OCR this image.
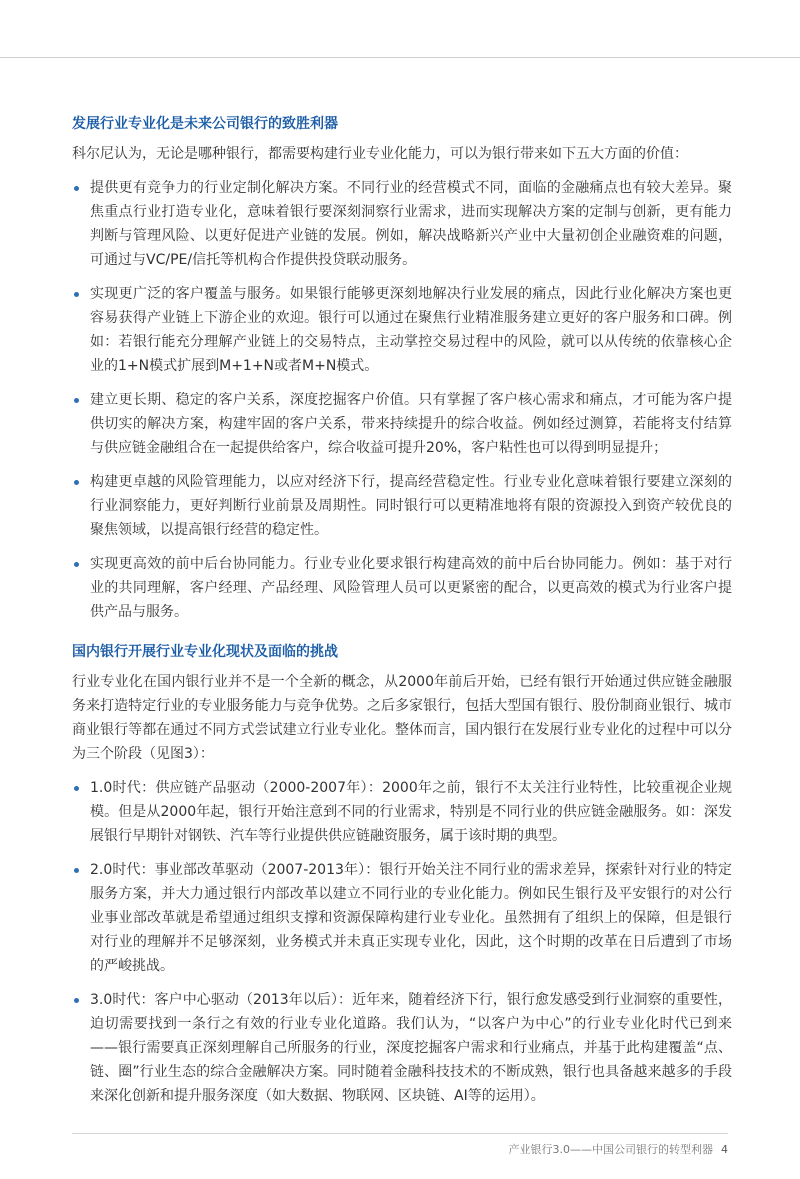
发展行业专业化是未来公司银行的致胜利器

科尔尼认为，无论是哪种银行，都需要构建行业专业化能力，可以为银行带来如下五大方面的价值：

提供更有竞争力的行业定制化解决方案。不同行业的经营模式不同，面临的金融痛点也有较大差异。聚焦重点行业打造专业化，意味着银行要深刻洞察行业需求，进而实现解决方案的定制与创新，更有能力判断与管理风险、以更好促进产业链的发展。例如，解决战略新兴产业中大量初创企业融资难的问题，可通过与VC/PE/信托等机构合作提供投贷联动服务。
实现更广泛的客户覆盖与服务。如果银行能够更深刻地解决行业发展的痛点，因此行业化解决方案也更容易获得产业链上下游企业的欢迎。银行可以通过在聚焦行业精准服务建立更好的客户服务和口碑。例如：若银行能充分理解产业链上的交易特点，主动掌控交易过程中的风险，就可以从传统的依靠核心企业的1+N模式扩展到M+1+N或者M+N模式。
建立更长期、稳定的客户关系，深度挖掘客户价值。只有掌握了客户核心需求和痛点，才可能为客户提供切实的解决方案，构建牢固的客户关系，带来持续提升的综合收益。例如经过测算，若能将支付结算与供应链金融组合在一起提供给客户，综合收益可提升20%，客户粘性也可以得到明显提升；
构建更卓越的风险管理能力，以应对经济下行，提高经营稳定性。行业专业化意味着银行要建立深刻的行业洞察能力，更好判断行业前景及周期性。同时银行可以更精准地将有限的资源投入到资产较优良的聚焦领域，以提高银行经营的稳定性。
实现更高效的前中后台协同能力。行业专业化要求银行构建高效的前中后台协同能力。例如：基于对行业的共同理解，客户经理、产品经理、风险管理人员可以更紧密的配合，以更高效的模式为行业客户提供产品与服务。
国内银行开展行业专业化现状及面临的挑战

行业专业化在国内银行业并不是一个全新的概念，从2000年前后开始，已经有银行开始通过供应链金融服务来打造特定行业的专业服务能力与竞争优势。之后多家银行，包括大型国有银行、股份制商业银行、城市商业银行等都在通过不同方式尝试建立行业专业化。整体而言，国内银行在发展行业专业化的过程中可以分为三个阶段（见图3）：

1.0时代：供应链产品驱动（2000-2007年）：2000年之前，银行不太关注行业特性，比较重视企业规模。但是从2000年起，银行开始注意到不同的行业需求，特别是不同行业的供应链金融服务。如：深发展银行早期针对钢铁、汽车等行业提供供应链融资服务，属于该时期的典型。
2.0时代：事业部改革驱动（2007-2013年）：银行开始关注不同行业的需求差异，探索针对行业的特定服务方案，并大力通过银行内部改革以建立不同行业的专业化能力。例如民生银行及平安银行的对公行业事业部改革就是希望通过组织支撑和资源保障构建行业专业化。虽然拥有了组织上的保障，但是银行对行业的理解并不足够深刻，业务模式并未真正实现专业化，因此，这个时期的改革在日后遭到了市场的严峻挑战。
3.0时代：客户中心驱动（2013年以后）：近年来，随着经济下行，银行愈发感受到行业洞察的重要性，迫切需要找到一条行之有效的行业专业化道路。我们认为，“以客户为中心”的行业专业化时代已到来——银行需要真正深刻理解自己所服务的行业，深度挖掘客户需求和行业痛点，并基于此构建覆盖“点、链、圈”行业生态的综合金融解决方案。同时随着金融科技技术的不断成熟，银行也具备越来越多的手段来深化创新和提升服务深度（如大数据、物联网、区块链、AI等的运用）。
产业银行3.0——中国公司银行的转型利器 4
